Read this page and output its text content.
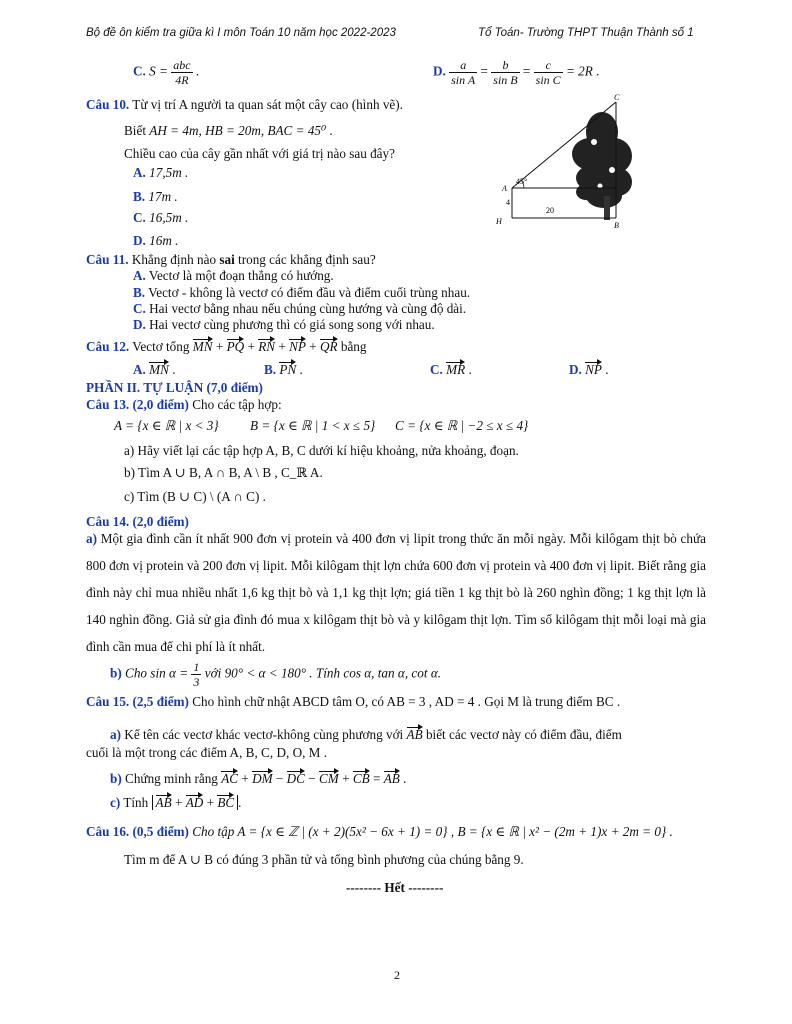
Bộ đề ôn kiểm tra giữa kì I môn Toán 10 năm học 2022-2023	Tổ Toán- Trường THPT Thuận Thành số 1
C. $S = \frac{\text{abc}}{4R}$ .	D. $\frac{a}{\text{sin A}} = \frac{b}{\text{sin B}} = \frac{c}{\text{sin C}} = 2R$ .
Câu 10. Từ vị trí A người ta quan sát một cây cao (hình vẽ).
Biết AH = 4m, HB = 20m, BAC = 45⁰ .
Chiều cao của cây gần nhất với giá trị nào sau đây?
A. 17,5m .
B. 17m .
C. 16,5m .
D. 16m .
C
A
45°
4
20
H	B
Câu 11. Khẳng định nào sai trong các khẳng định sau?
A. Vectơ là một đoạn thẳng có hướng.
B. Vectơ - không là vectơ có điểm đầu và điểm cuối trùng nhau.
C. Hai vectơ bằng nhau nếu chúng cùng hướng và cùng độ dài.
D. Hai vectơ cùng phương thì có giá song song với nhau.
Câu 12. Vectơ tổng MN + PQ + RN + NP + QR bằng
A. MN .	B. PN .	C. MR .	D. NP .
PHẦN II. TỰ LUẬN (7,0 điểm)
Câu 13. (2,0 điểm) Cho các tập hợp:
A = {x ∈ ℝ | x < 3} B = {x ∈ ℝ | 1 < x ≤ 5} C = {x ∈ ℝ | −2 ≤ x ≤ 4}
a) Hãy viết lại các tập hợp A, B, C dưới kí hiệu khoảng, nửa khoảng, đoạn.
b) Tìm A ∪ B, A ∩ B, A \ B , C_ℝ A.
c) Tìm (B ∪ C) \ (A ∩ C) .
Câu 14. (2,0 điểm)
a) Một gia đình cần ít nhất 900 đơn vị protein và 400 đơn vị lipit trong thức ăn mỗi ngày. Mỗi kilôgam thịt bò chứa 800 đơn vị protein và 200 đơn vị lipit. Mỗi kilôgam thịt lợn chứa 600 đơn vị protein và 400 đơn vị lipit. Biết rằng gia đình này chỉ mua nhiều nhất 1,6 kg thịt bò và 1,1 kg thịt lợn; giá tiền 1 kg thịt bò là 260 nghìn đồng; 1 kg thịt lợn là 140 nghìn đồng. Giả sử gia đình đó mua x kilôgam thịt bò và y kilôgam thịt lợn. Tìm số kilôgam thịt mỗi loại mà gia đình cần mua để chi phí là ít nhất.
b) Cho $\sin \alpha = \frac{1}{3}$ với 90° < α < 180° . Tính cos α, tan α, cot α.
Câu 15. (2,5 điểm) Cho hình chữ nhật ABCD tâm O, có AB = 3 , AD = 4 . Gọi M là trung điểm BC .
a) Kể tên các vectơ khác vectơ-không cùng phương với AB biết các vectơ này có điểm đầu, điểm
cuối là một trong các điểm A, B, C, D, O, M .
b) Chứng minh rằng AC + DM − DC − CM + CB = AB .
c) Tính AB + AD + BC .
Câu 16. (0,5 điểm) Cho tập A = {x ∈ ℤ | (x + 2)(5x² − 6x + 1) = 0} , B = {x ∈ ℝ | x² − (2m + 1)x + 2m = 0} .
Tìm m để A ∪ B có đúng 3 phần tử và tổng bình phương của chúng bằng 9.
-------- Hết --------
2
